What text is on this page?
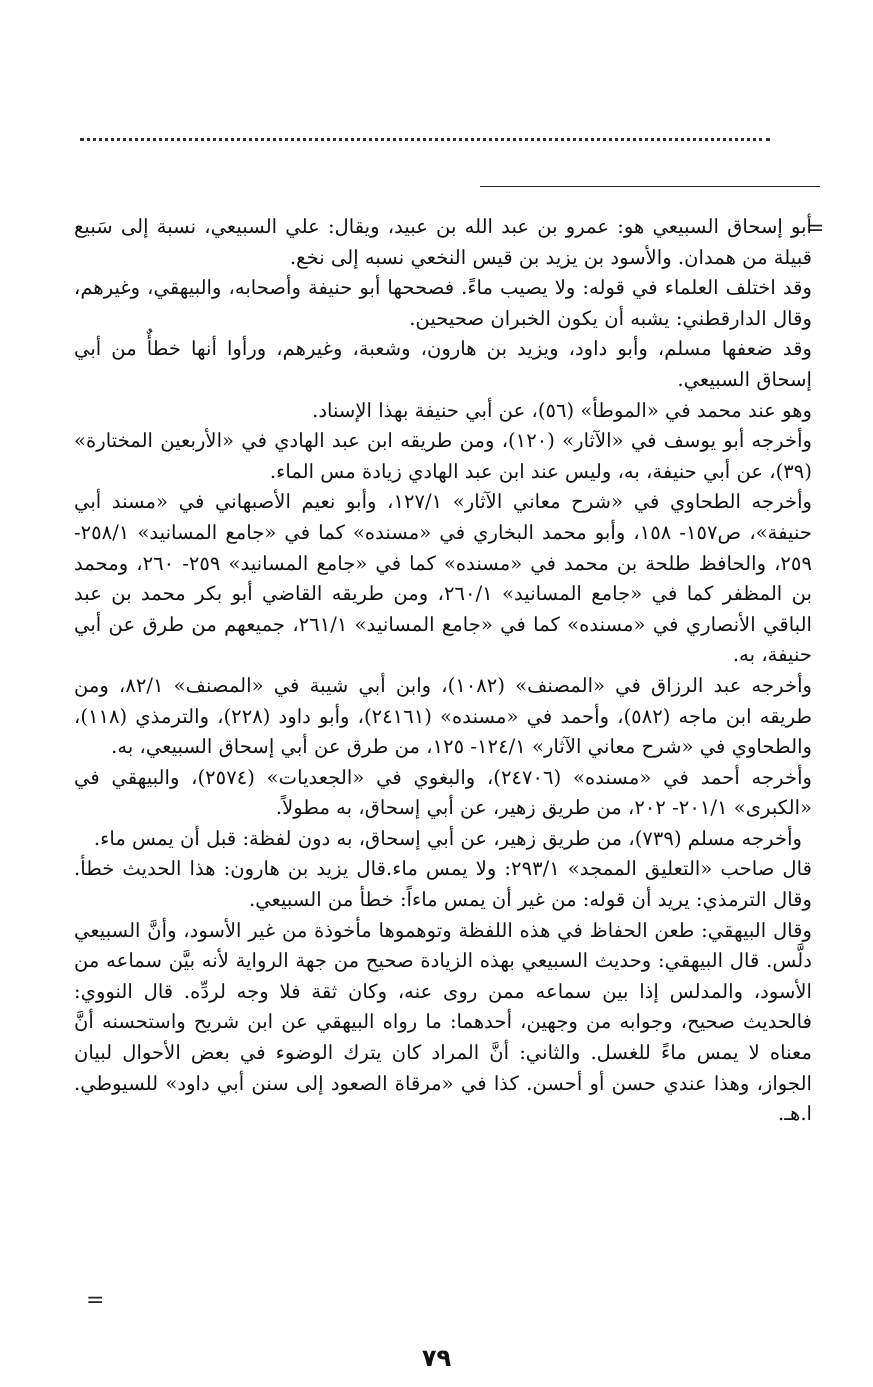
=

أبو إسحاق السبيعي هو: عمرو بن عبد الله بن عبيد، ويقال: علي السبيعي، نسبة إلى سَبيع قبيلة من همدان. والأسود بن يزيد بن قيس النخعي نسبه إلى نخع.

وقد اختلف العلماء في قوله: ولا يصيب ماءً. فصححها أبو حنيفة وأصحابه، والبيهقي، وغيرهم، وقال الدارقطني: يشبه أن يكون الخبران صحيحين.

وقد ضعفها مسلم، وأبو داود، ويزيد بن هارون، وشعبة، وغيرهم، ورأوا أنها خطأٌ من أبي إسحاق السبيعي.

وهو عند محمد في «الموطأ» (٥٦)، عن أبي حنيفة بهذا الإسناد.

وأخرجه أبو يوسف في «الآثار» (١٢٠)، ومن طريقه ابن عبد الهادي في «الأربعين المختارة» (٣٩)، عن أبي حنيفة، به، وليس عند ابن عبد الهادي زيادة مس الماء.

وأخرجه الطحاوي في «شرح معاني الآثار» ١٢٧/١، وأبو نعيم الأصبهاني في «مسند أبي حنيفة»، ص١٥٧- ١٥٨، وأبو محمد البخاري في «مسنده» كما في «جامع المسانيد» ٢٥٨/١- ٢٥٩، والحافظ طلحة بن محمد في «مسنده» كما في «جامع المسانيد» ٢٥٩- ٢٦٠، ومحمد بن المظفر كما في «جامع المسانيد» ٢٦٠/١، ومن طريقه القاضي أبو بكر محمد بن عبد الباقي الأنصاري في «مسنده» كما في «جامع المسانيد» ٢٦١/١، جميعهم من طرق عن أبي حنيفة، به.

وأخرجه عبد الرزاق في «المصنف» (١٠٨٢)، وابن أبي شيبة في «المصنف» ٨٢/١، ومن طريقه ابن ماجه (٥٨٢)، وأحمد في «مسنده» (٢٤١٦١)، وأبو داود (٢٢٨)، والترمذي (١١٨)، والطحاوي في «شرح معاني الآثار» ١٢٤/١- ١٢٥، من طرق عن أبي إسحاق السبيعي، به.

وأخرجه أحمد في «مسنده» (٢٤٧٠٦)، والبغوي في «الجعديات» (٢٥٧٤)، والبيهقي في «الكبرى» ٢٠١/١- ٢٠٢، من طريق زهير، عن أبي إسحاق، به مطولاً.

وأخرجه مسلم (٧٣٩)، من طريق زهير، عن أبي إسحاق، به دون لفظة: قبل أن يمس ماء.

قال صاحب «التعليق الممجد» ٢٩٣/١: ولا يمس ماء.قال يزيد بن هارون: هذا الحديث خطأ. وقال الترمذي: يريد أن قوله: من غير أن يمس ماءاً: خطأ من السبيعي.

وقال البيهقي: طعن الحفاظ في هذه اللفظة وتوهموها مأخوذة من غير الأسود، وأنَّ السبيعي دلَّس. قال البيهقي: وحديث السبيعي بهذه الزيادة صحيح من جهة الرواية لأنه بيَّن سماعه من الأسود، والمدلس إذا بين سماعه ممن روى عنه، وكان ثقة فلا وجه لردِّه. قال النووي: فالحديث صحيح، وجوابه من وجهين، أحدهما: ما رواه البيهقي عن ابن شريح واستحسنه أنَّ معناه لا يمس ماءً للغسل. والثاني: أنَّ المراد كان يترك الوضوء في بعض الأحوال لبيان الجواز، وهذا عندي حسن أو أحسن. كذا في «مرقاة الصعود إلى سنن أبي داود» للسيوطي. ا.هـ.

=
٧٩
